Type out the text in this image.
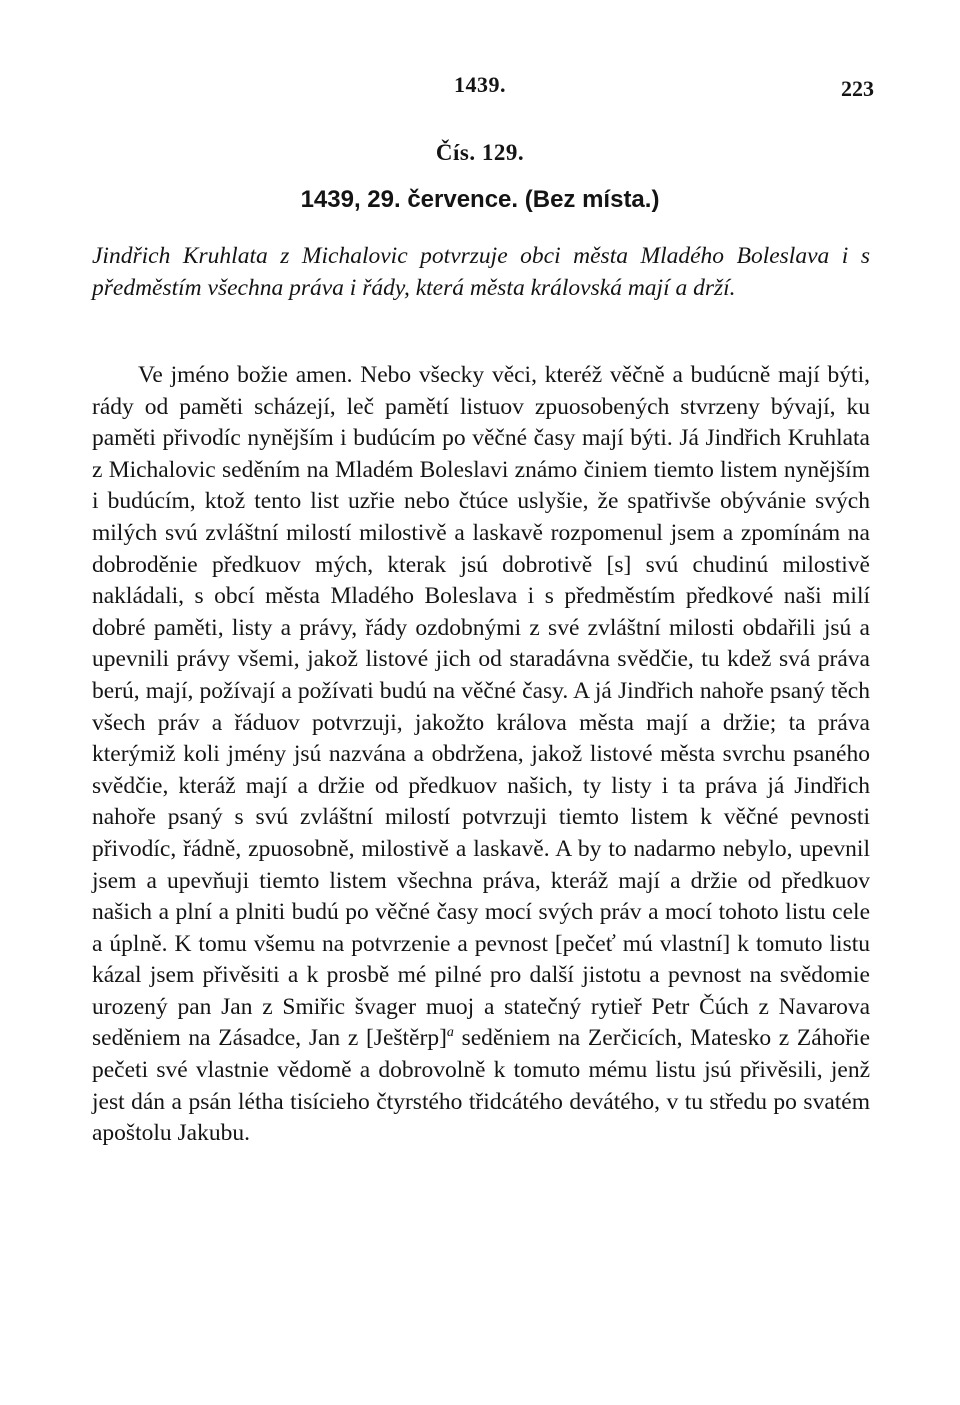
1439.	223
Čís. 129.
1439, 29. července. (Bez místa.)

Jindřich Kruhlata z Michalovic potvrzuje obci města Mladého Boleslava i s předměstím všechna práva i řády, která města královská mají a drží.

Ve jméno božie amen. Nebo všecky věci, kteréž věčně a budúcně mají býti, rády od paměti scházejí, leč pamětí listuov zpuosobených stvrzeny bývají, ku paměti přivodíc nynějším i budúcím po věčné časy mají býti. Já Jindřich Kruhlata z Michalovic seděním na Mladém Boleslavi známo činiem tiemto listem nynějším i budúcím, ktož tento list uzřie nebo čtúce uslyšie, že spatřivše obývánie svých milých svú zvláštní milostí milostivě a laskavě rozpomenul jsem a zpomínám na dobroděnie předkuov mých, kterak jsú dobrotivě [s] svú chudinú milostivě nakládali, s obcí města Mladého Boleslava i s předměstím předkové naši milí dobré paměti, listy a právy, řády ozdobnými z své zvláštní milosti obdařili jsú a upevnili právy všemi, jakož listové jich od staradávna svědčie, tu kdež svá práva berú, mají, požívají a požívati budú na věčné časy. A já Jindřich nahoře psaný těch všech práv a řáduov potvrzuji, jakožto králova města mají a držie; ta práva kterýmiž koli jmény jsú nazvána a obdržena, jakož listové města svrchu psaného svědčie, kteráž mají a držie od předkuov našich, ty listy i ta práva já Jindřich nahoře psaný s svú zvláštní milostí potvrzuji tiemto listem k věčné pevnosti přivodíc, řádně, zpuosobně, milostivě a laskavě. A by to nadarmo nebylo, upevnil jsem a upevňuji tiemto listem všechna práva, kteráž mají a držie od předkuov našich a plní a plniti budú po věčné časy mocí svých práv a mocí tohoto listu cele a úplně. K tomu všemu na potvrzenie a pevnost [pečeť mú vlastní] k tomuto listu kázal jsem přivěsiti a k prosbě mé pilné pro další jistotu a pevnost na svědomie urozený pan Jan z Smiřic švager muoj a statečný rytieř Petr Čúch z Navarova seděniem na Zásadce, Jan z [Ještěrp]$^a$ seděniem na Zerčicích, Matesko z Záhořie pečeti své vlastnie vědomě a dobrovolně k tomuto mému listu jsú přivěsili, jenž jest dán a psán létha tisícieho čtyrstého třidcátého devátého, v tu středu po svatém apoštolu Jakubu.
